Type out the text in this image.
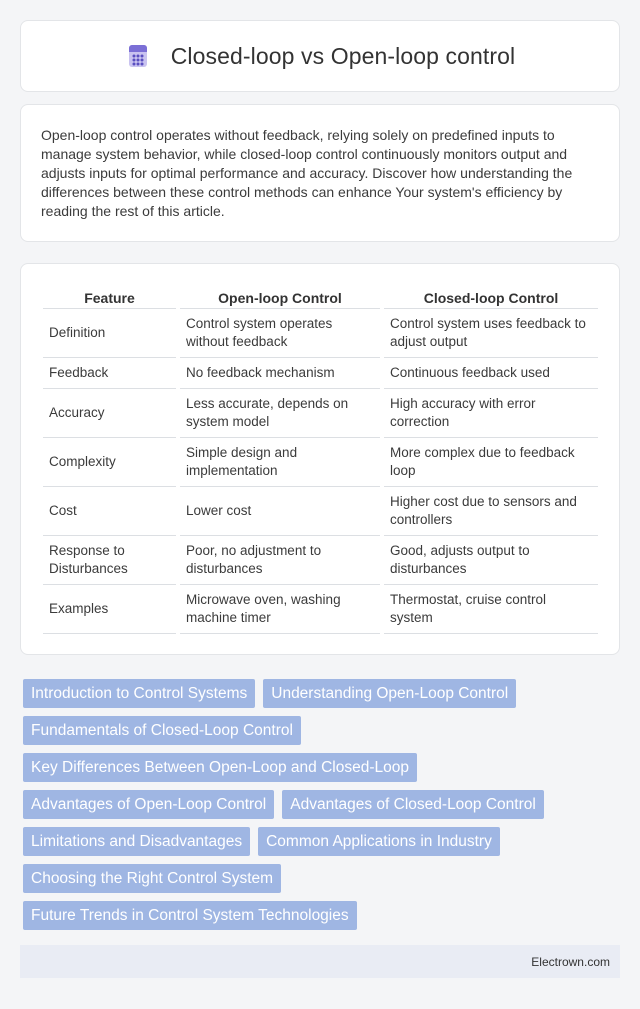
Closed-loop vs Open-loop control

Open-loop control operates without feedback, relying solely on predefined inputs to manage system behavior, while closed-loop control continuously monitors output and adjusts inputs for optimal performance and accuracy. Discover how understanding the differences between these control methods can enhance Your system's efficiency by reading the rest of this article.

Feature	Open-loop Control	Closed-loop Control
Definition	Control system operates without feedback	Control system uses feedback to adjust output
Feedback	No feedback mechanism	Continuous feedback used
Accuracy	Less accurate, depends on system model	High accuracy with error correction
Complexity	Simple design and implementation	More complex due to feedback loop
Cost	Lower cost	Higher cost due to sensors and controllers
Response to Disturbances	Poor, no adjustment to disturbances	Good, adjusts output to disturbances
Examples	Microwave oven, washing machine timer	Thermostat, cruise control system
Introduction to Control Systems	Understanding Open-Loop Control
Fundamentals of Closed-Loop Control
Key Differences Between Open-Loop and Closed-Loop
Advantages of Open-Loop Control	Advantages of Closed-Loop Control
Limitations and Disadvantages	Common Applications in Industry
Choosing the Right Control System
Future Trends in Control System Technologies
Electrown.com
